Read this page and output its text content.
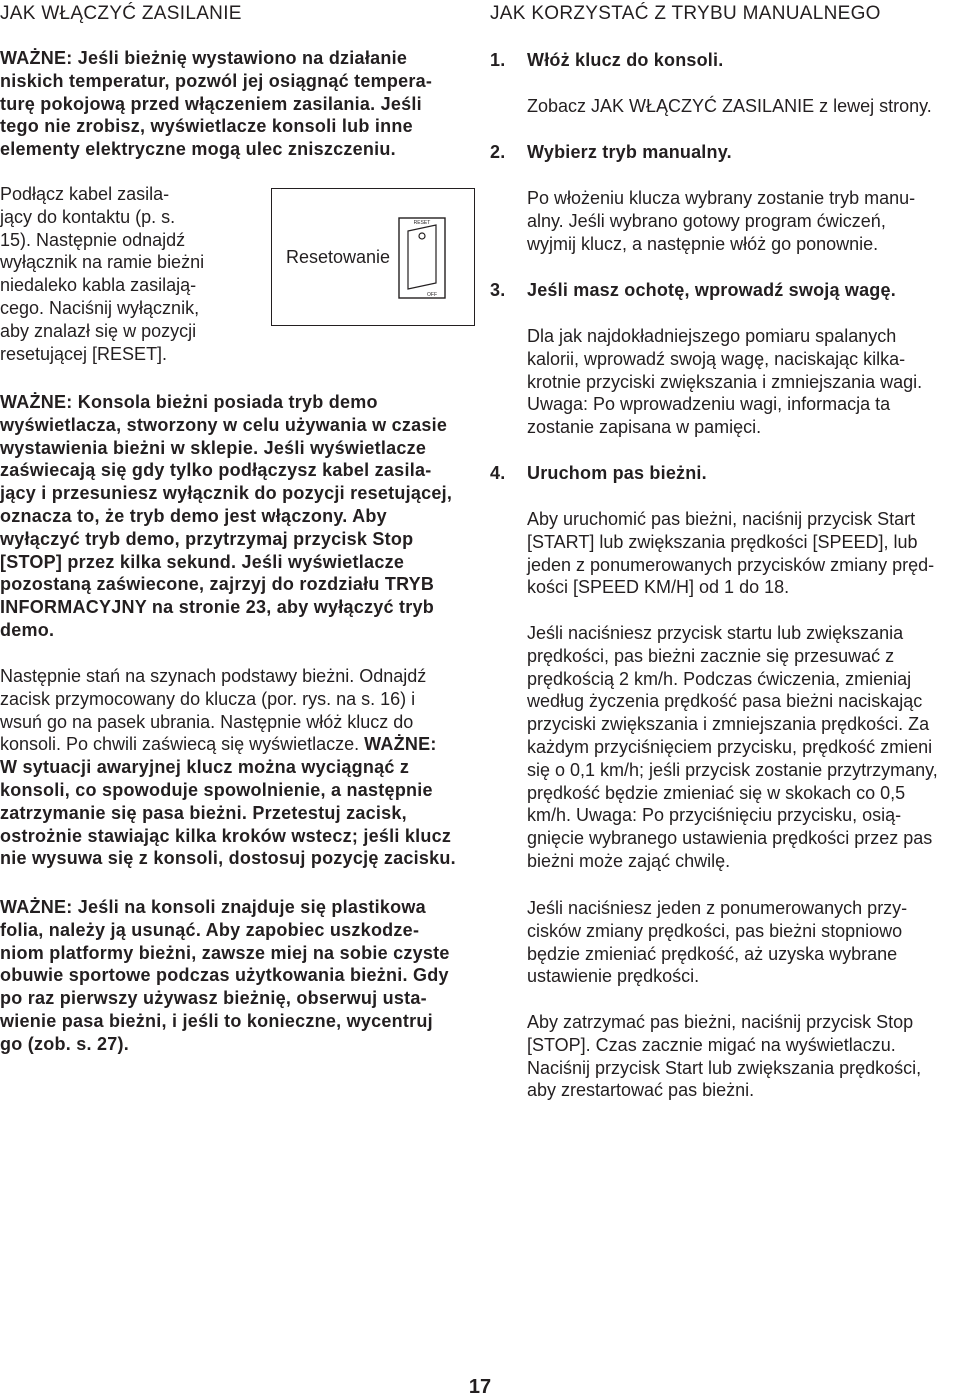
JAK WŁĄCZYĆ ZASILANIE

WAŻNE: Jeśli bieżnię wystawiono na działanie

niskich temperatur, pozwól jej osiągnąć tempera-

turę pokojową przed włączeniem zasilania. Jeśli

tego nie zrobisz, wyświetlacze konsoli lub inne

elementy elektryczne mogą ulec zniszczeniu.

Podłącz kabel zasila-

jący do kontaktu (p. s.

15). Następnie odnajdź

wyłącznik na ramie bieżni

niedaleko kabla zasilają-

cego. Naciśnij wyłącznik,

aby znalazł się w pozycji

resetującej [RESET].

Resetowanie
RESET
OFF

WAŻNE: Konsola bieżni posiada tryb demo

wyświetlacza, stworzony w celu używania w czasie

wystawienia bieżni w sklepie. Jeśli wyświetlacze

zaświecają się gdy tylko podłączysz kabel zasila-

jący i przesuniesz wyłącznik do pozycji resetującej,

oznacza to, że tryb demo jest włączony. Aby

wyłączyć tryb demo, przytrzymaj przycisk Stop

[STOP] przez kilka sekund. Jeśli wyświetlacze

pozostaną zaświecone, zajrzyj do rozdziału TRYB

INFORMACYJNY na stronie 23, aby wyłączyć tryb

demo.

Następnie stań na szynach podstawy bieżni. Odnajdź

zacisk przymocowany do klucza (por. rys. na s. 16) i

wsuń go na pasek ubrania. Następnie włóż klucz do

konsoli. Po chwili zaświecą się wyświetlacze. WAŻNE:

W sytuacji awaryjnej klucz można wyciągnąć z

konsoli, co spowoduje spowolnienie, a następnie

zatrzymanie się pasa bieżni. Przetestuj zacisk,

ostrożnie stawiając kilka kroków wstecz; jeśli klucz

nie wysuwa się z konsoli, dostosuj pozycję zacisku.

WAŻNE: Jeśli na konsoli znajduje się plastikowa

folia, należy ją usunąć. Aby zapobiec uszkodze-

niom platformy bieżni, zawsze miej na sobie czyste

obuwie sportowe podczas użytkowania bieżni. Gdy

po raz pierwszy używasz bieżnię, obserwuj usta-

wienie pasa bieżni, i jeśli to konieczne, wycentruj

go (zob. s. 27).

JAK KORZYSTAĆ Z TRYBU MANUALNEGO
1. Włóż klucz do konsoli.

Zobacz JAK WŁĄCZYĆ ZASILANIE z lewej strony.

2. Wybierz tryb manualny.

Po włożeniu klucza wybrany zostanie tryb manu-

alny. Jeśli wybrano gotowy program ćwiczeń,

wyjmij klucz, a następnie włóż go ponownie.

3. Jeśli masz ochotę, wprowadź swoją wagę.

Dla jak najdokładniejszego pomiaru spalanych

kalorii, wprowadź swoją wagę, naciskając kilka-

krotnie przyciski zwiększania i zmniejszania wagi.

Uwaga: Po wprowadzeniu wagi, informacja ta

zostanie zapisana w pamięci.

4. Uruchom pas bieżni.

Aby uruchomić pas bieżni, naciśnij przycisk Start

[START] lub zwiększania prędkości [SPEED], lub

jeden z ponumerowanych przycisków zmiany pręd-

kości [SPEED KM/H] od 1 do 18.

Jeśli naciśniesz przycisk startu lub zwiększania

prędkości, pas bieżni zacznie się przesuwać z

prędkością 2 km/h. Podczas ćwiczenia, zmieniaj

według życzenia prędkość pasa bieżni naciskając

przyciski zwiększania i zmniejszania prędkości. Za

każdym przyciśnięciem przycisku, prędkość zmieni

się o 0,1 km/h; jeśli przycisk zostanie przytrzymany,

prędkość będzie zmieniać się w skokach co 0,5

km/h. Uwaga: Po przyciśnięciu przycisku, osią-

gnięcie wybranego ustawienia prędkości przez pas

bieżni może zająć chwilę.

Jeśli naciśniesz jeden z ponumerowanych przy-

cisków zmiany prędkości, pas bieżni stopniowo

będzie zmieniać prędkość, aż uzyska wybrane

ustawienie prędkości.

Aby zatrzymać pas bieżni, naciśnij przycisk Stop

[STOP]. Czas zacznie migać na wyświetlaczu.

Naciśnij przycisk Start lub zwiększania prędkości,

aby zrestartować pas bieżni.

17
